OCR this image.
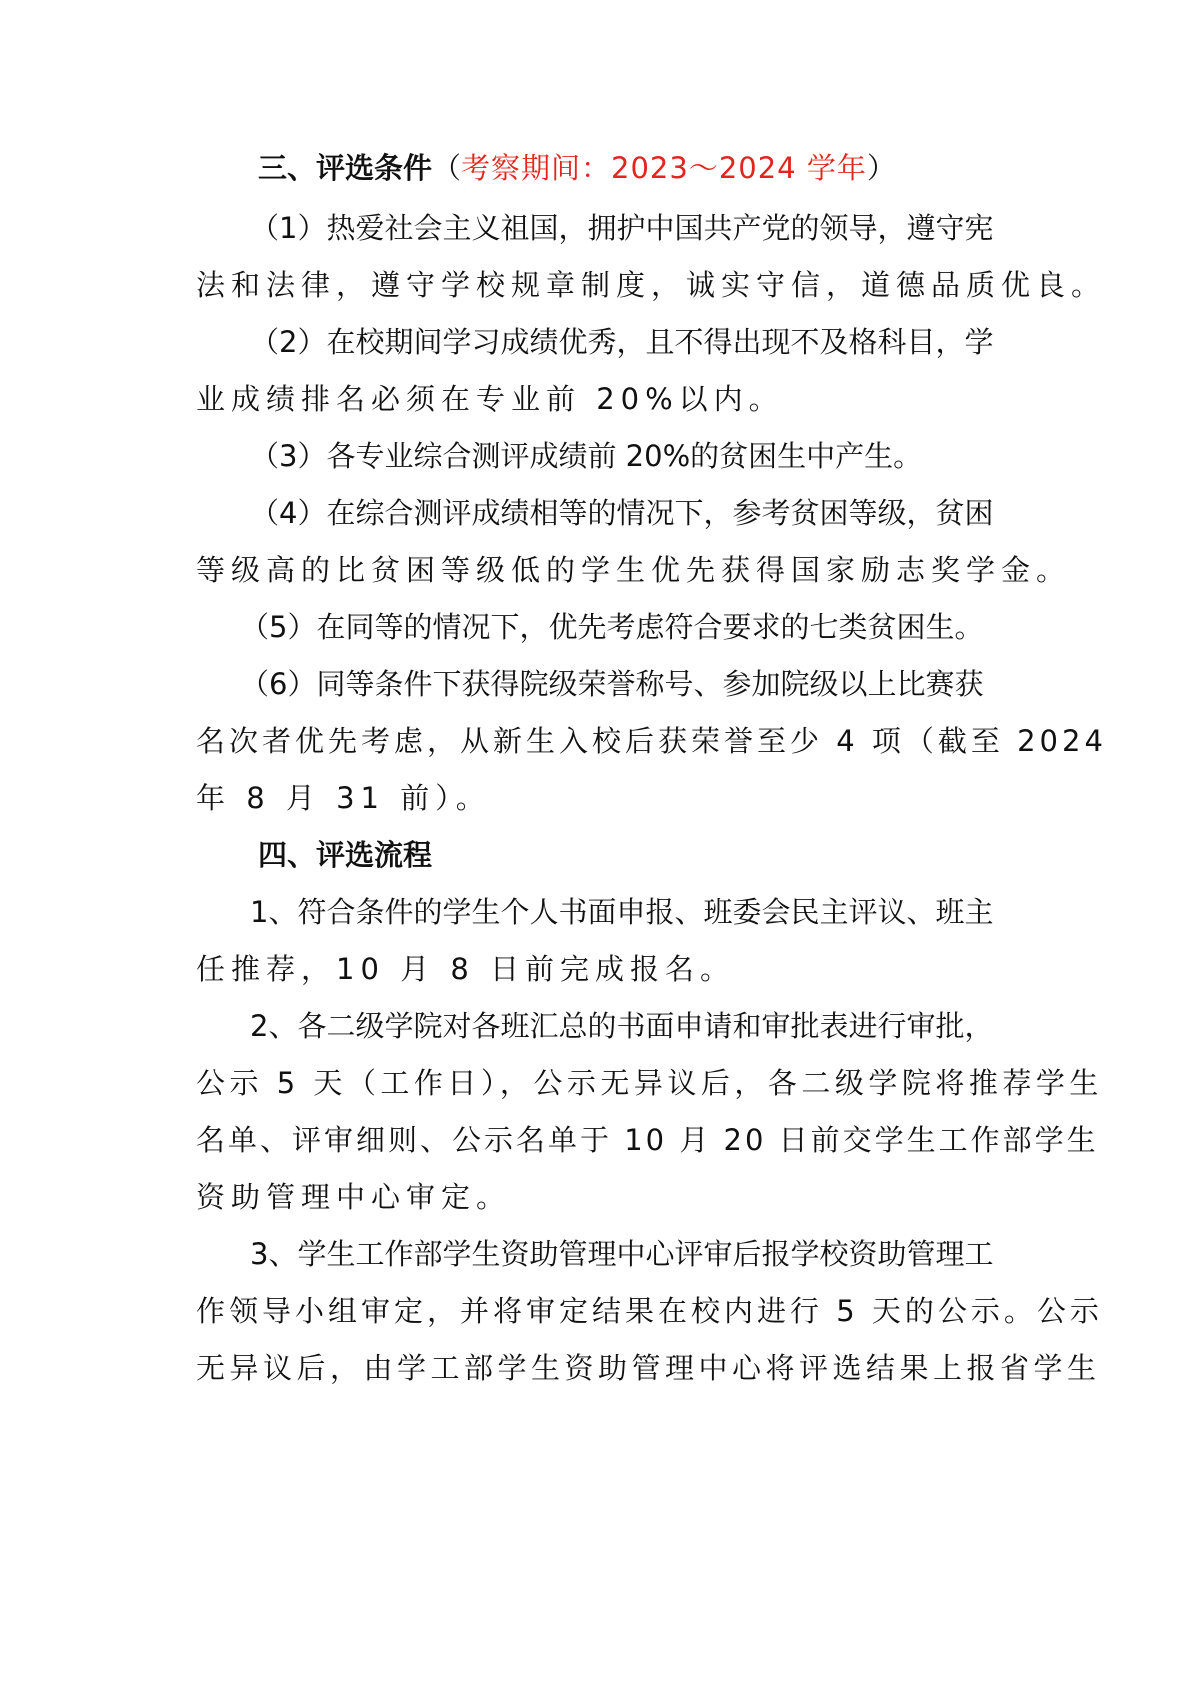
三、评选条件（考察期间：2023～2024 学年）
（1）热爱社会主义祖国，拥护中国共产党的领导，遵守宪
法和法律，遵守学校规章制度，诚实守信，道德品质优良。
（2）在校期间学习成绩优秀，且不得出现不及格科目，学
业成绩排名必须在专业前 20%以内。
（3）各专业综合测评成绩前 20%的贫困生中产生。
（4）在综合测评成绩相等的情况下，参考贫困等级，贫困
等级高的比贫困等级低的学生优先获得国家励志奖学金。
（5）在同等的情况下，优先考虑符合要求的七类贫困生。
（6）同等条件下获得院级荣誉称号、参加院级以上比赛获
名次者优先考虑，从新生入校后获荣誉至少 4 项（截至 2024
年 8 月 31 前）。
四、评选流程
1、符合条件的学生个人书面申报、班委会民主评议、班主
任推荐，10 月 8 日前完成报名。
2、各二级学院对各班汇总的书面申请和审批表进行审批，
公示 5 天（工作日），公示无异议后，各二级学院将推荐学生
名单、评审细则、公示名单于 10 月 20 日前交学生工作部学生
资助管理中心审定。
3、学生工作部学生资助管理中心评审后报学校资助管理工
作领导小组审定，并将审定结果在校内进行 5 天的公示。公示
无异议后，由学工部学生资助管理中心将评选结果上报省学生
